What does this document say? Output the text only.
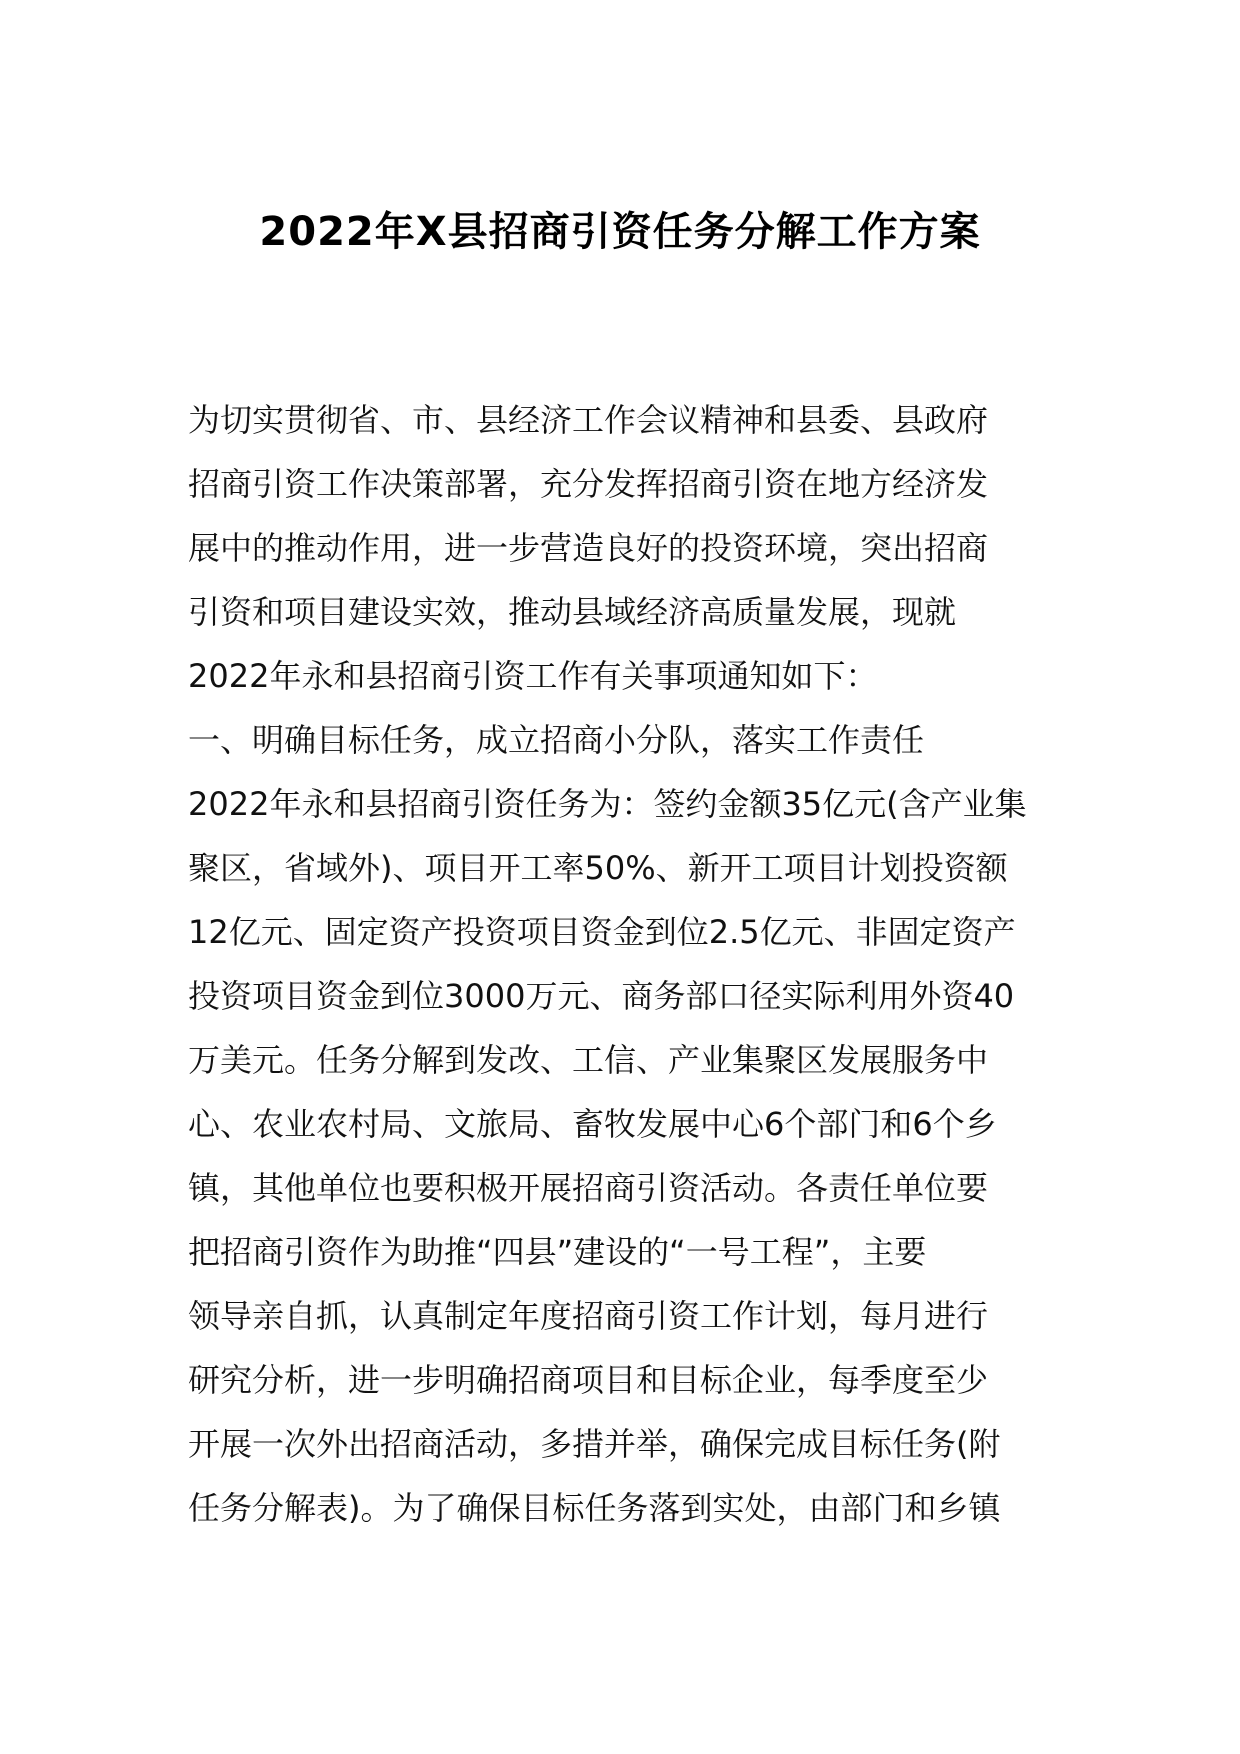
2022年X县招商引资任务分解工作方案
为切实贯彻省、市、县经济工作会议精神和县委、县政府
招商引资工作决策部署，充分发挥招商引资在地方经济发
展中的推动作用，进一步营造良好的投资环境，突出招商
引资和项目建设实效，推动县域经济高质量发展，现就
2022年永和县招商引资工作有关事项通知如下：
一、明确目标任务，成立招商小分队，落实工作责任
2022年永和县招商引资任务为：签约金额35亿元(含产业集
聚区，省域外)、项目开工率50%、新开工项目计划投资额
12亿元、固定资产投资项目资金到位2.5亿元、非固定资产
投资项目资金到位3000万元、商务部口径实际利用外资40
万美元。任务分解到发改、工信、产业集聚区发展服务中
心、农业农村局、文旅局、畜牧发展中心6个部门和6个乡
镇，其他单位也要积极开展招商引资活动。各责任单位要
把招商引资作为助推“四县”建设的“一号工程”，主要
领导亲自抓，认真制定年度招商引资工作计划，每月进行
研究分析，进一步明确招商项目和目标企业，每季度至少
开展一次外出招商活动，多措并举，确保完成目标任务(附
任务分解表)。为了确保目标任务落到实处，由部门和乡镇
